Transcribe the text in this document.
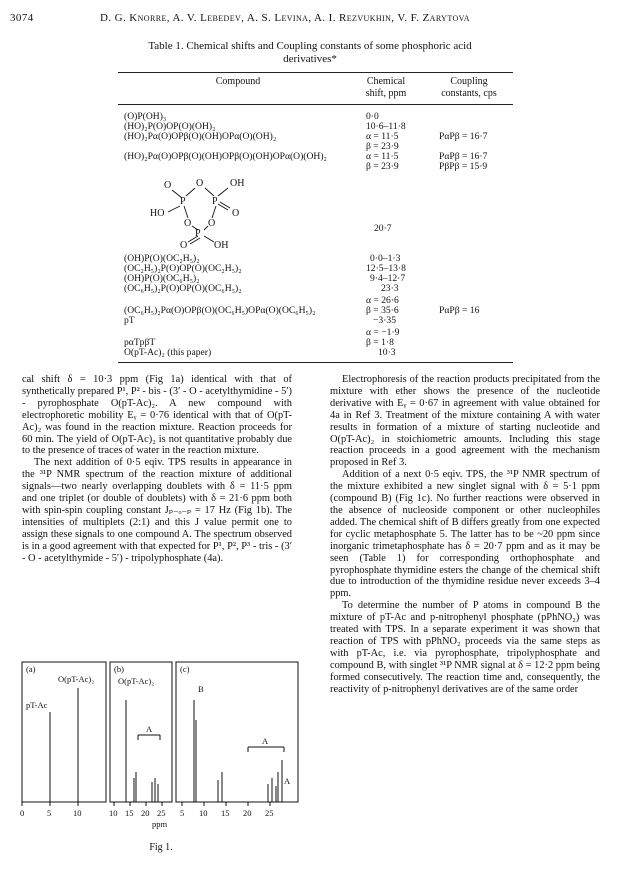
3074	D. G. Knorre, A. V. Lebedev, A. S. Levina, A. I. Rezvukhin, V. F. Zarytova
Table 1. Chemical shifts and Coupling constants of some phosphoric acid
derivatives*
Compound	Chemical
shift, ppm
Coupling
constants, cps
(O)P(OH)₃	0·0
(HO)₂P(O)OP(O)(OH)₂	10·6–11·8
(HO)₂Pα(O)OPβ(O)(OH)OPα(O)(OH)₂	α = 11·5	PαPβ = 16·7
β = 23·9
(HO)₂Pα(O)OPβ(O)(OH)OPβ(O)(OH)OPα(O)(OH)₂	α = 11·5	PαPβ = 16·7
β = 23·9	PβPβ = 15·9
O O	OH
P	P
HO	O
P
O	OH
O O	20·7
(OH)P(O)(OC₂H₅)₂	0·0–1·3
(OC₂H₅)₂P(O)OP(O)(OC₂H₅)₂	12·5–13·8
(OH)P(O)(OC₆H₅)₂	9·4–12·7
(OC₆H₅)₂P(O)OP(O)(OC₆H₅)₂	23·3
α = 26·6
(OC₆H₅)₂Pα(O)OPβ(O)(OC₆H₅)OPα(O)(OC₆H₅)₂	β = 35·6	PαPβ = 16
pT	−3·35
α = −1·9
pαTpβT	β = 1·8
O(pT-Ac)₂ (this paper)	10·3

cal shift δ = 10·3 ppm (Fig 1a) identical with that of synthetically prepared P¹, P² - bis - (3′ - O - acetylthymidine - 5′) - pyrophosphate O(pT-Ac)₂. A new compound with electrophoretic mobility Eᵧ = 0·76 identical with that of O(pT-Ac)₂ was found in the reaction mixture. Reaction proceeds for 60 min. The yield of O(pT-Ac)₂ is not quantitative probably due to the presence of traces of water in the reaction mixture.

The next addition of 0·5 eqiv. TPS results in appearance in the ³¹P NMR spectrum of the reaction mixture of additional signals—two nearly overlapping doublets with δ = 11·5 ppm and one triplet (or double of doublets) with δ = 21·6 ppm both with spin-spin coupling constant Jₚ₋ₒ₋ₚ = 17 Hz (Fig 1b). The intensities of multiplets (2:1) and this J value permit one to assign these signals to one compound A. The spectrum observed is in a good agreement with that expected for P¹, P², P³ - tris - (3′ - O - acetylthymide - 5′) - tripolyphosphate (4a).

Electrophoresis of the reaction products precipitated from the mixture with ether shows the presence of the nucleotide derivative with Eᵧ = 0·67 in agreement with value obtained for 4a in Ref 3. Treatment of the mixture containing A with water results in formation of a mixture of starting nucleotide and O(pT-Ac)₂ in stoichiometric amounts. Including this stage reaction proceeds in a good agreement with the mechanism proposed in Ref 3.

Addition of a next 0·5 eqiv. TPS, the ³¹P NMR spectrum of the mixture exhibited a new singlet signal with δ = 5·1 ppm (compound B) (Fig 1c). No further reactions were observed in the absence of nucleoside component or other nucleophiles added. The chemical shift of B differs greatly from one expected for cyclic metaphosphate 5. The latter has to be ~20 ppm since inorganic trimetaphosphate has δ = 20·7 ppm and as it may be seen (Table 1) for corresponding orthophosphate and pyrophosphate thymidine esters the change of the chemical shift due to introduction of the thymidine residue never exceeds 3–4 ppm.

To determine the number of P atoms in compound B the mixture of pT-Ac and p-nitrophenyl phosphate (pPhNO₂) was treated with TPS. In a separate experiment it was shown that reaction of TPS with pPhNO₂ proceeds via the same steps as with pT-Ac, i.e. via pyrophosphate, tripolyphosphate and compound B, with singlet ³¹P NMR signal at δ = 12·2 ppm being formed consecutively. The reaction time and, consequently, the reactivity of p-nitrophenyl derivatives are of the same order

(a)	(b)	(c)
O(pT-Ac)₂
pT-Ac
O(pT-Ac)₂
A
B
A
A
0	5	10	10 15 20 25 5 10 15 20 25
ppm
Fig 1.
